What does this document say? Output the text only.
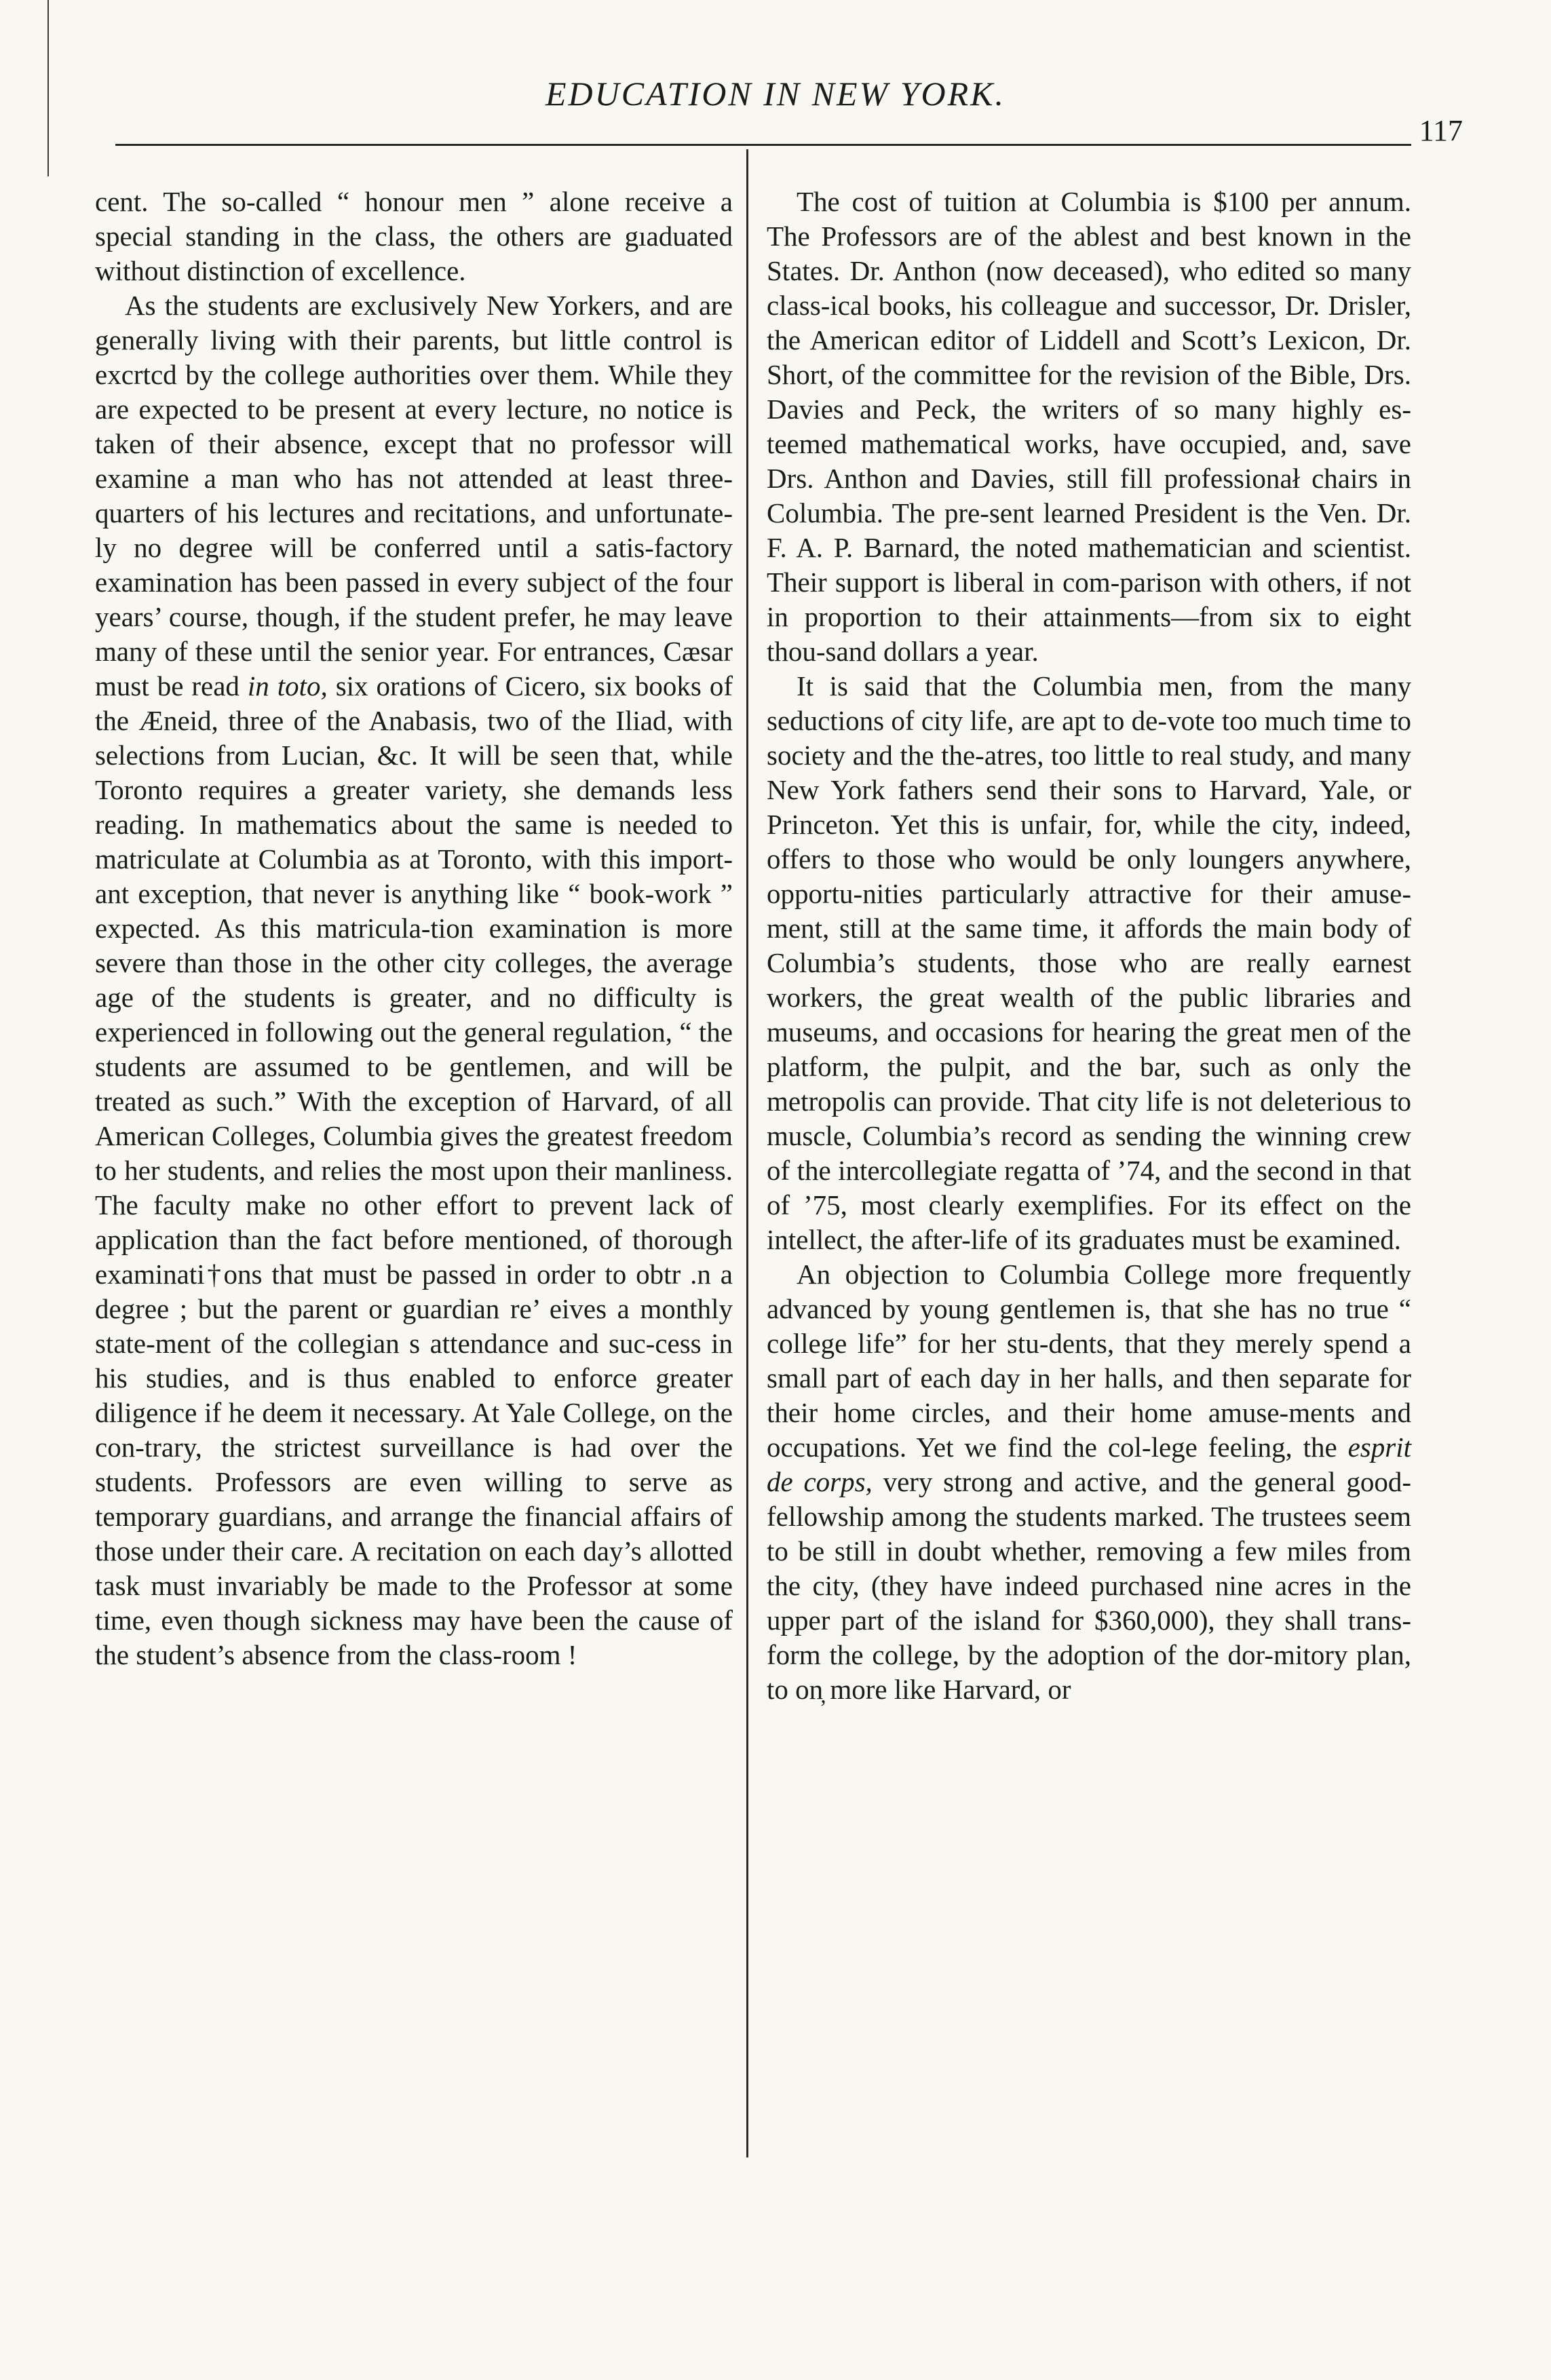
EDUCATION IN NEW YORK.
117

cent. The so-called “ honour men ” alone receive a special standing in the class, the others are gıaduated without distinction of excellence.

As the students are exclusively New Yorkers, and are generally living with their parents, but little control is excrtcd by the college authorities over them. While they are expected to be present at every lecture, no notice is taken of their absence, except that no professor will examine a man who has not attended at least three-quarters of his lectures and recitations, and unfortunate-ly no degree will be conferred until a satis-factory examination has been passed in every subject of the four years’ course, though, if the student prefer, he may leave many of these until the senior year. For entrances, Cæsar must be read in toto, six orations of Cicero, six books of the Æneid, three of the Anabasis, two of the Iliad, with selections from Lucian, &c. It will be seen that, while Toronto requires a greater variety, she demands less reading. In mathematics about the same is needed to matriculate at Columbia as at Toronto, with this import-ant exception, that never is anything like “ book-work ” expected. As this matricula-tion examination is more severe than those in the other city colleges, the average age of the students is greater, and no difficulty is experienced in following out the general regulation, “ the students are assumed to be gentlemen, and will be treated as such.” With the exception of Harvard, of all American Colleges, Columbia gives the greatest freedom to her students, and relies the most upon their manliness. The faculty make no other effort to prevent lack of application than the fact before mentioned, of thorough examinati†ons that must be passed in order to obtr .n a degree ; but the parent or guardian re’ еives a monthly state-ment of the collegian s attendance and suc-cess in his studies, and is thus enabled to enforce greater diligence if he deem it necessary. At Yale College, on the con-trary, the strictest surveillance is had over the students. Professors are even willing to serve as temporary guardians, and arrange the financial affairs of those under their care. A recitation on each day’s allotted task must invariably be made to the Professor at some time, even though sickness may have been the cause of the student’s absence from the class-room !

The cost of tuition at Columbia is $100 per annum. The Professors are of the ablest and best known in the States. Dr. Anthon (now deceased), who edited so many class-ical books, his colleague and successor, Dr. Drisler, the American editor of Liddell and Scott’s Lexicon, Dr. Short, of the committee for the revision of the Bible, Drs. Davies and Peck, the writers of so many highly es-teemed mathematical works, have occupied, and, save Drs. Anthon and Davies, still fill professionał chairs in Columbia. The pre-sent learned President is the Ven. Dr. F. A. P. Barnard, the noted mathematician and scientist. Their support is liberal in com-parison with others, if not in proportion to their attainments—from six to eight thou-sand dollars a year.

It is said that the Columbia men, from the many seductions of city life, are apt to de-vote too much time to society and the the-atres, too little to real study, and many New York fathers send their sons to Harvard, Yale, or Princeton. Yet this is unfair, for, while the city, indeed, offers to those who would be only loungers anywhere, opportu-nities particularly attractive for their amuse-ment, still at the same time, it affords the main body of Columbia’s students, those who are really earnest workers, the great wealth of the public libraries and museums, and occasions for hearing the great men of the platform, the pulpit, and the bar, such as only the metropolis can provide. That city life is not deleterious to muscle, Columbia’s record as sending the winning crew of the intercollegiate regatta of ’74, and the second in that of ’75, most clearly exemplifies. For its effect on the intellect, the after-life of its graduates must be examined.

An objection to Columbia College more frequently advanced by young gentlemen is, that she has no true “ college life” for her stu-dents, that they merely spend a small part of each day in her halls, and then separate for their home circles, and their home amuse-ments and occupations. Yet we find the col-lege feeling, the esprit de corps, very strong and active, and the general good-fellowship among the students marked. The trustees seem to be still in doubt whether, removing a few miles from the city, (they have indeed purchased nine acres in the upper part of the island for $360,000), they shall trans-form the college, by the adoption of the dor-mitory plan, to on̦ more like Harvard, or
